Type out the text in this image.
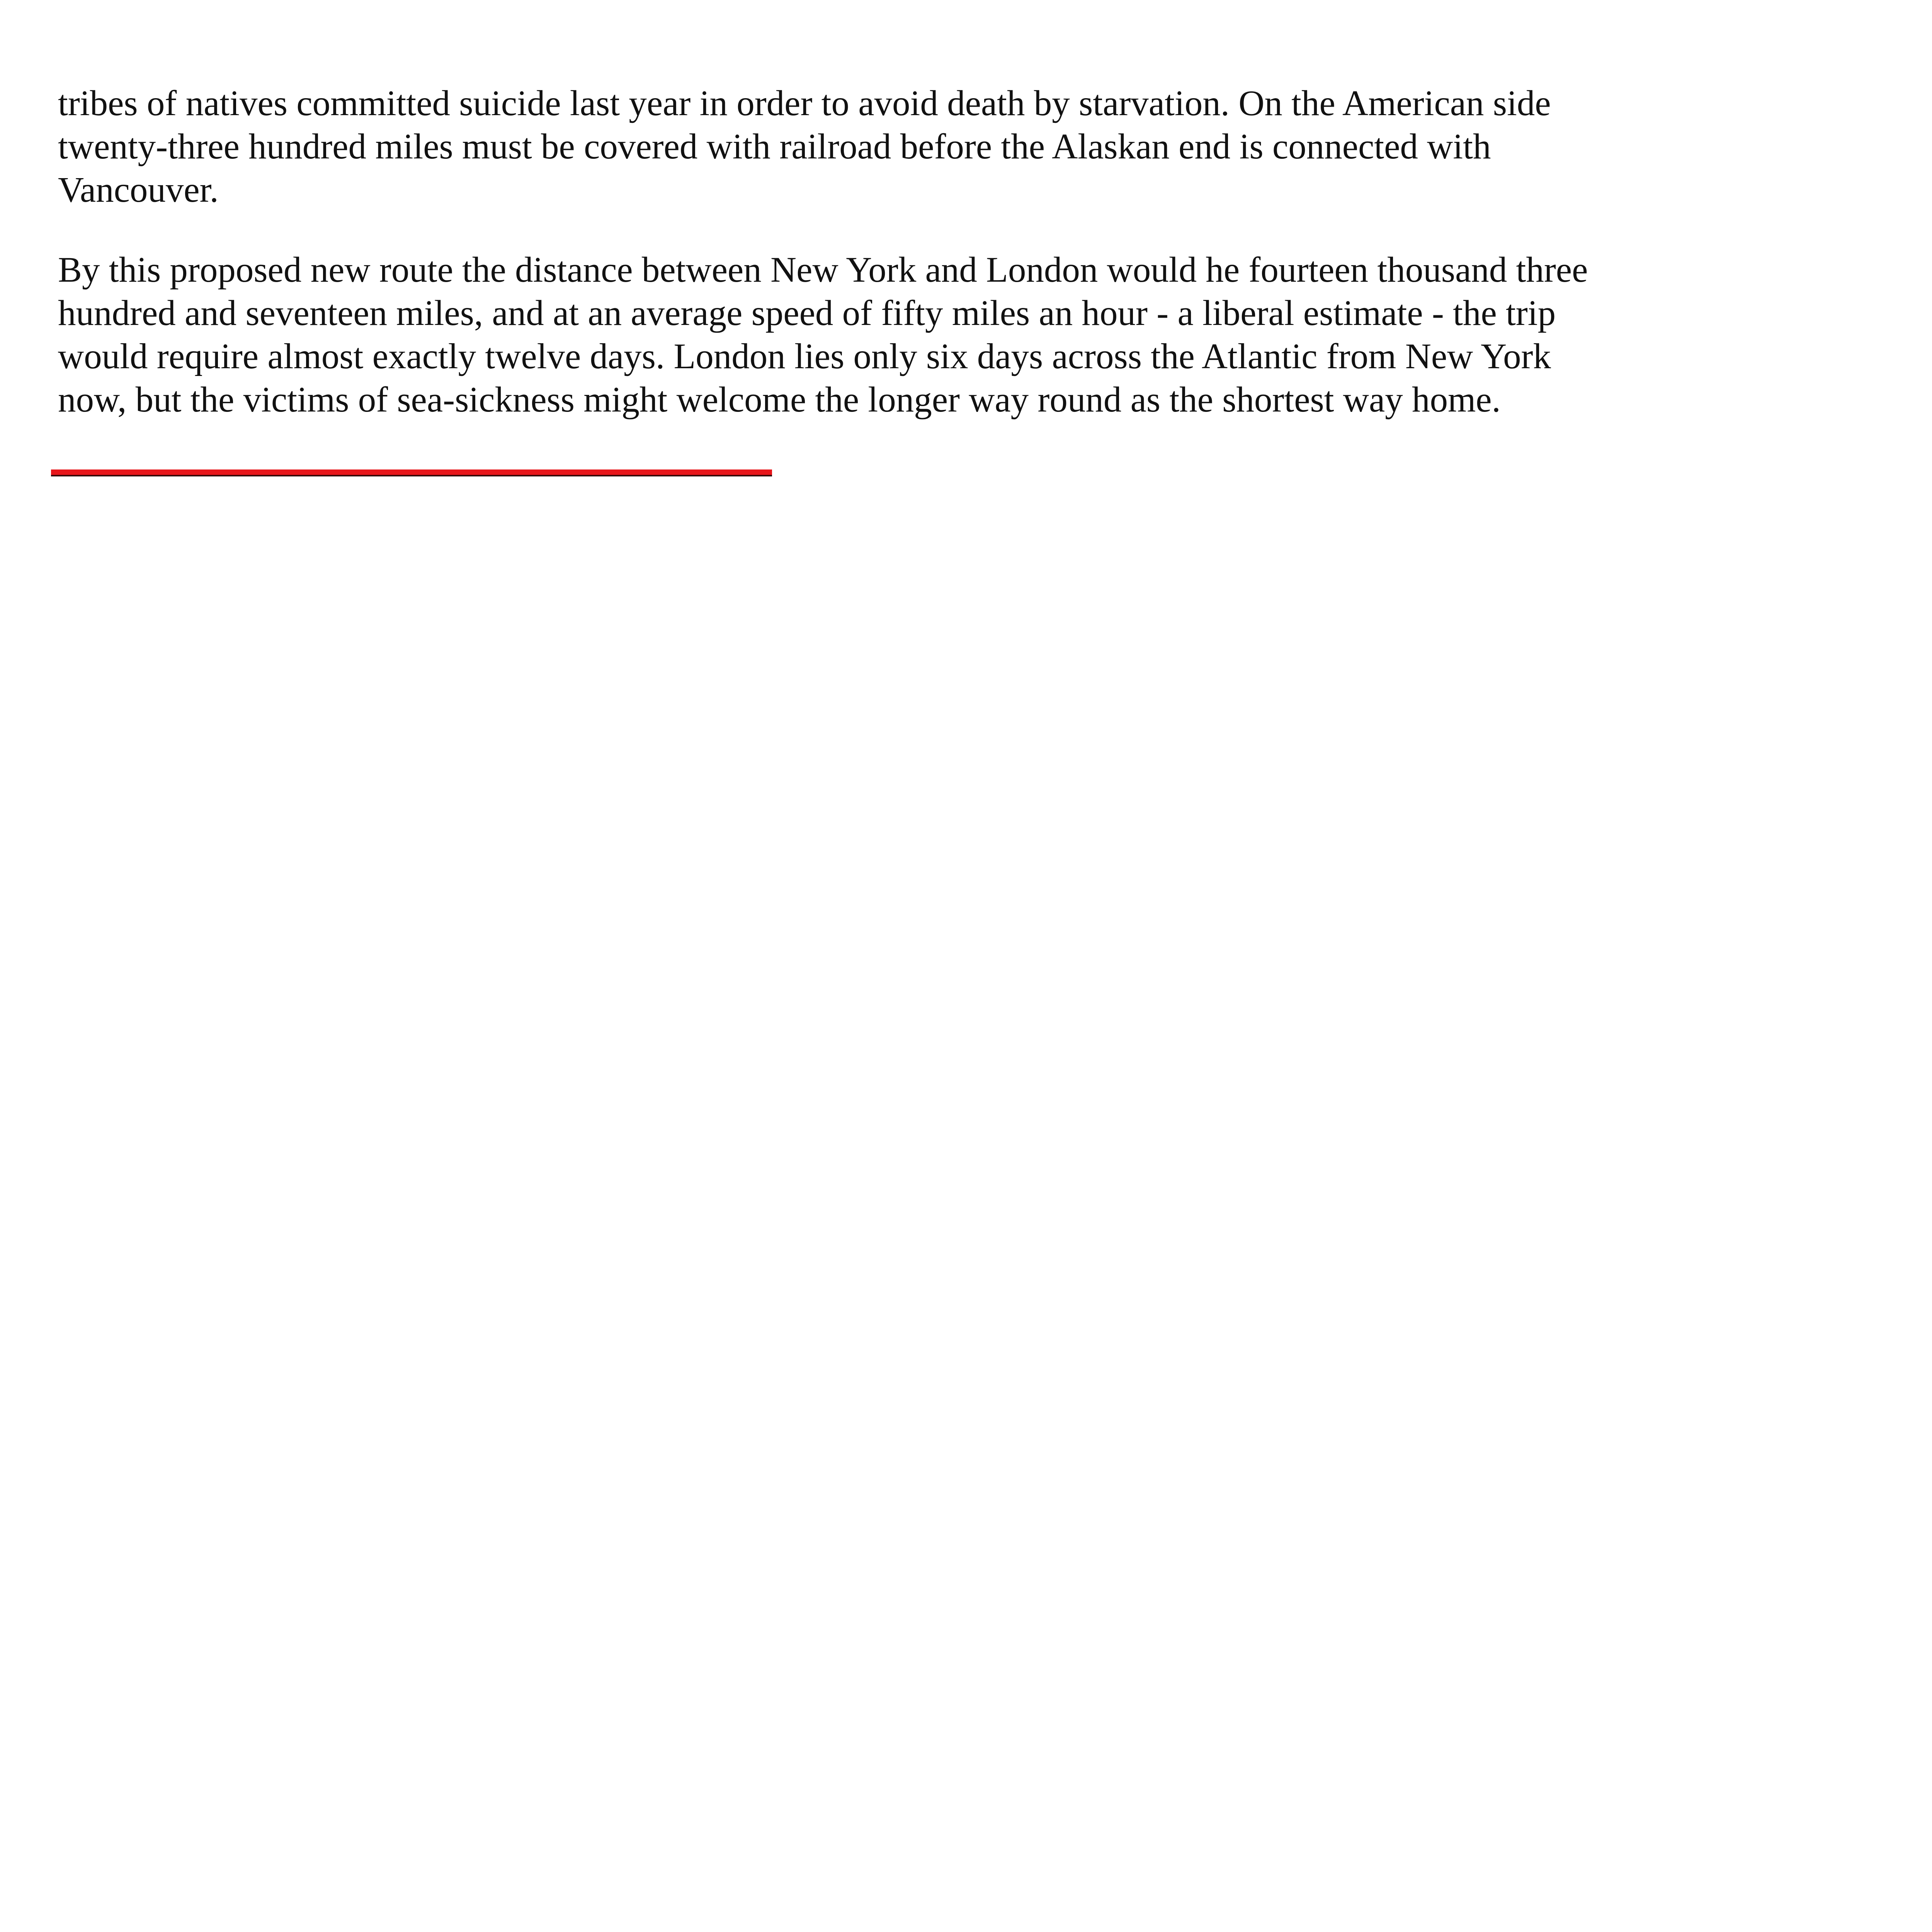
tribes of natives committed suicide last year in order to avoid death by starvation. On the American side
twenty-three hundred miles must be covered with railroad before the Alaskan end is connected with
Vancouver.

By this proposed new route the distance between New York and London would he fourteen thousand three
hundred and seventeen miles, and at an average speed of fifty miles an hour - a liberal estimate - the trip
would require almost exactly twelve days. London lies only six days across the Atlantic from New York
now, but the victims of sea-sickness might welcome the longer way round as the shortest way home.
